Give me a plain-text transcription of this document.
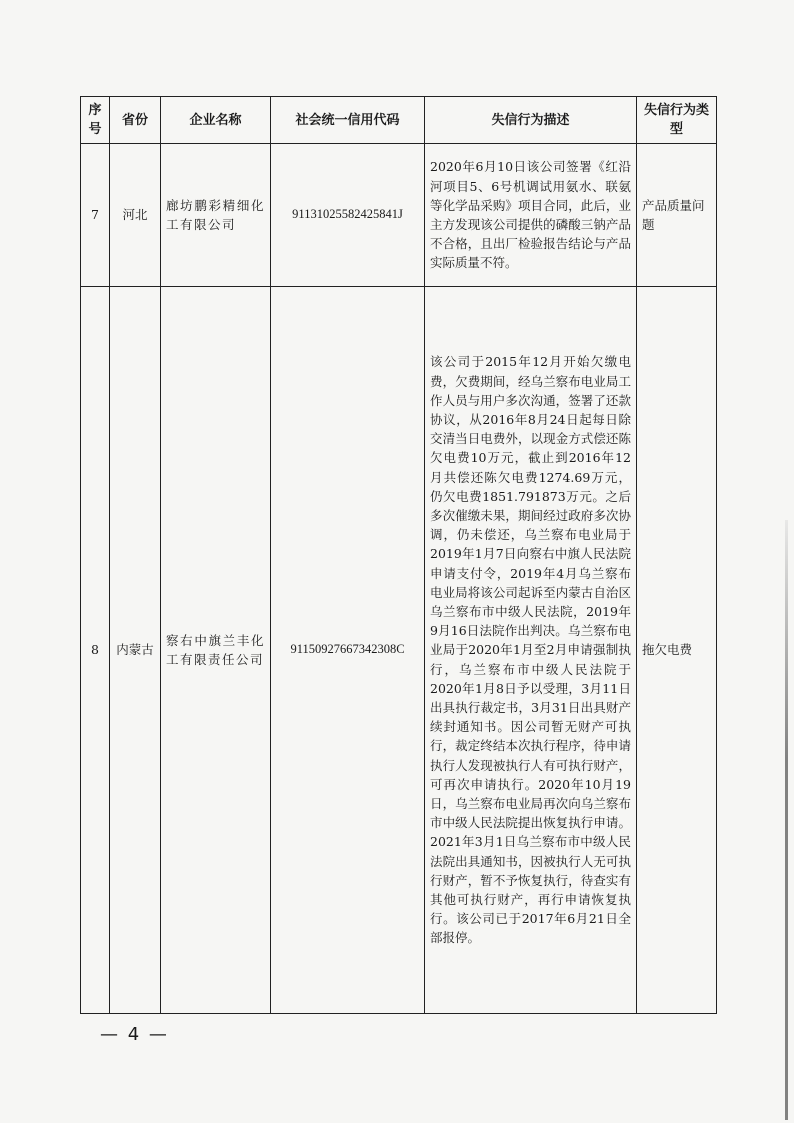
序号	省份	企业名称	社会统一信用代码	失信行为描述	失信行为类型
7	河北	廊坊鹏彩精细化工有限公司	91131025582425841J	2020年6月10日该公司签署《红沿河项目5、6号机调试用氨水、联氨等化学品采购》项目合同，此后，业主方发现该公司提供的磷酸三钠产品不合格，且出厂检验报告结论与产品实际质量不符。	产品质量问题
8	内蒙古	察右中旗兰丰化工有限责任公司	91150927667342308C	该公司于2015年12月开始欠缴电费，欠费期间，经乌兰察布电业局工作人员与用户多次沟通，签署了还款协议，从2016年8月24日起每日除交清当日电费外，以现金方式偿还陈欠电费10万元，截止到2016年12月共偿还陈欠电费1274.69万元，仍欠电费1851.791873万元。之后多次催缴未果，期间经过政府多次协调，仍未偿还，乌兰察布电业局于2019年1月7日向察右中旗人民法院申请支付令，2019年4月乌兰察布电业局将该公司起诉至内蒙古自治区乌兰察布市中级人民法院，2019年9月16日法院作出判决。乌兰察布电业局于2020年1月至2月申请强制执行，乌兰察布市中级人民法院于2020年1月8日予以受理，3月11日出具执行裁定书，3月31日出具财产续封通知书。因公司暂无财产可执行，裁定终结本次执行程序，待申请执行人发现被执行人有可执行财产，可再次申请执行。2020年10月19日，乌兰察布电业局再次向乌兰察布市中级人民法院提出恢复执行申请。2021年3月1日乌兰察布市中级人民法院出具通知书，因被执行人无可执行财产，暂不予恢复执行，待查实有其他可执行财产，再行申请恢复执行。该公司已于2017年6月21日全部报停。	拖欠电费
— 4 —
